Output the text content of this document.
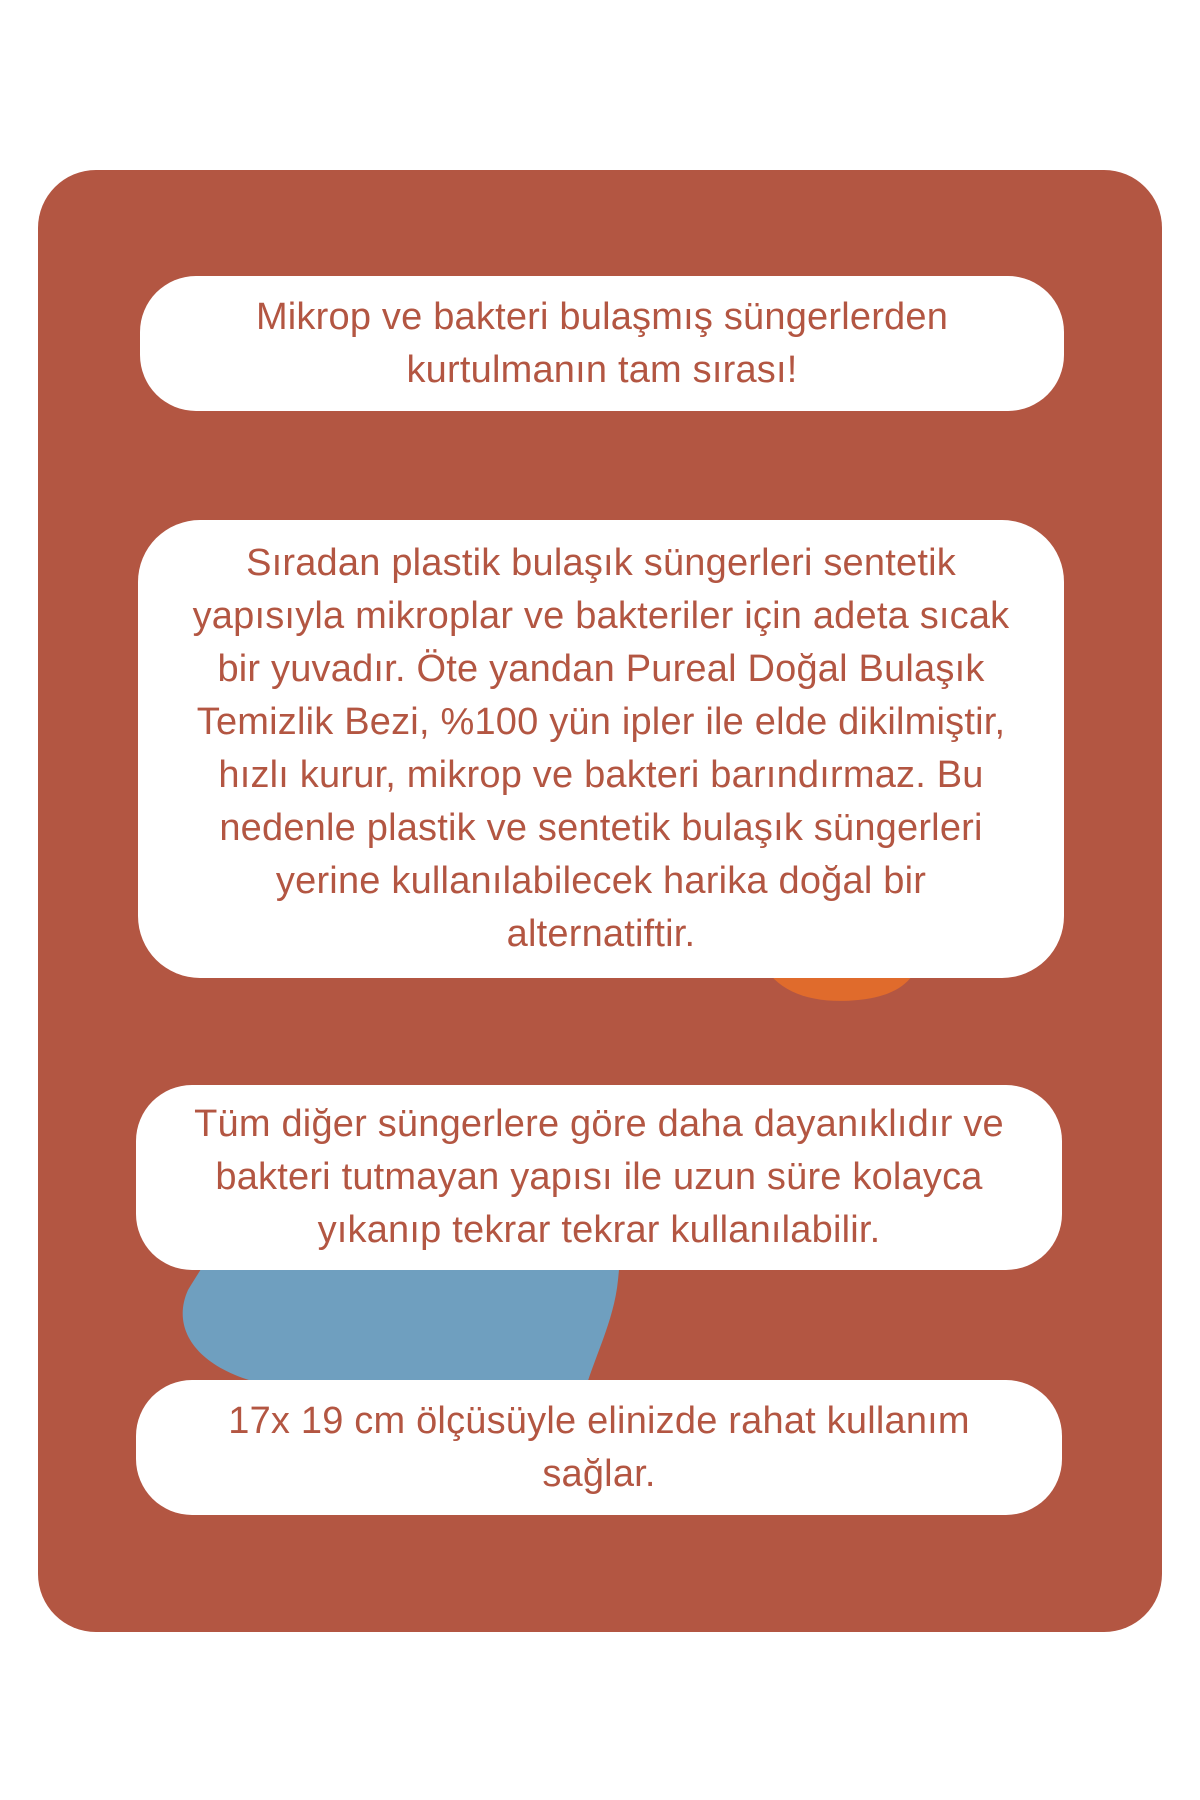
Mikrop ve bakteri bulaşmış süngerlerden kurtulmanın tam sırası!

Sıradan plastik bulaşık süngerleri sentetik yapısıyla mikroplar ve bakteriler için adeta sıcak bir yuvadır. Öte yandan Pureal Doğal Bulaşık Temizlik Bezi, %100 yün ipler ile elde dikilmiştir, hızlı kurur, mikrop ve bakteri barındırmaz. Bu nedenle plastik ve sentetik bulaşık süngerleri yerine kullanılabilecek harika doğal bir alternatiftir.

Tüm diğer süngerlere göre daha dayanıklıdır ve bakteri tutmayan yapısı ile uzun süre kolayca yıkanıp tekrar tekrar kullanılabilir.

17x 19 cm ölçüsüyle elinizde rahat kullanım sağlar.
